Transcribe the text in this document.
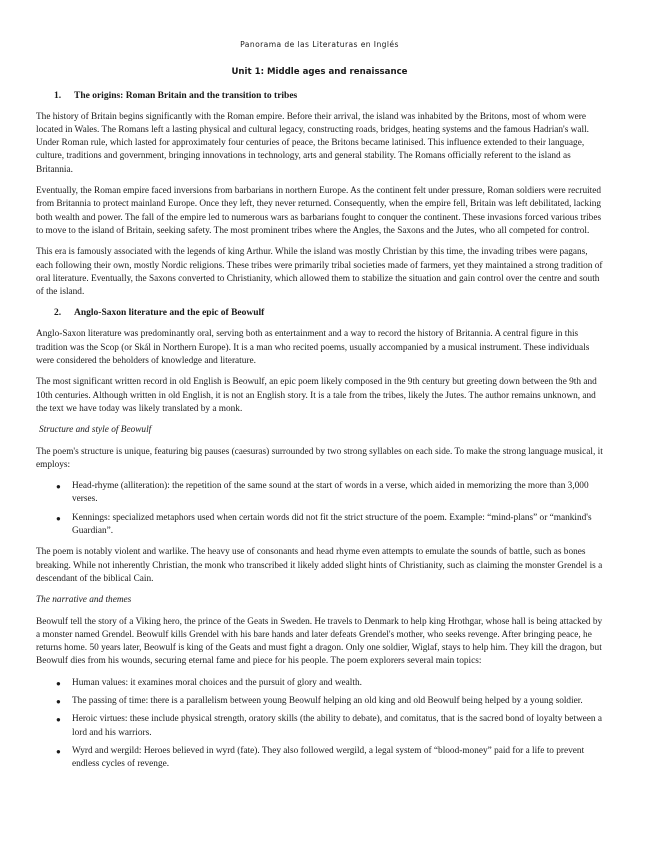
Panorama de las Literaturas en Inglés
Unit 1: Middle ages and renaissance
1. The origins: Roman Britain and the transition to tribes

The history of Britain begins significantly with the Roman empire. Before their arrival, the island was inhabited by the Britons, most of whom were located in Wales. The Romans left a lasting physical and cultural legacy, constructing roads, bridges, heating systems and the famous Hadrian's wall. Under Roman rule, which lasted for approximately four centuries of peace, the Britons became latinised. This influence extended to their language, culture, traditions and government, bringing innovations in technology, arts and general stability. The Romans officially referent to the island as Britannia.

Eventually, the Roman empire faced inversions from barbarians in northern Europe. As the continent felt under pressure, Roman soldiers were recruited from Britannia to protect mainland Europe. Once they left, they never returned. Consequently, when the empire fell, Britain was left debilitated, lacking both wealth and power. The fall of the empire led to numerous wars as barbarians fought to conquer the continent. These invasions forced various tribes to move to the island of Britain, seeking safety. The most prominent tribes where the Angles, the Saxons and the Jutes, who all competed for control.

This era is famously associated with the legends of king Arthur. While the island was mostly Christian by this time, the invading tribes were pagans, each following their own, mostly Nordic religions. These tribes were primarily tribal societies made of farmers, yet they maintained a strong tradition of oral literature. Eventually, the Saxons converted to Christianity, which allowed them to stabilize the situation and gain control over the centre and south of the island.

2. Anglo-Saxon literature and the epic of Beowulf

Anglo-Saxon literature was predominantly oral, serving both as entertainment and a way to record the history of Britannia. A central figure in this tradition was the Scop (or Skál in Northern Europe). It is a man who recited poems, usually accompanied by a musical instrument. These individuals were considered the beholders of knowledge and literature.

The most significant written record in old English is Beowulf, an epic poem likely composed in the 9th century but greeting down between the 9th and 10th centuries. Although written in old English, it is not an English story. It is a tale from the tribes, likely the Jutes. The author remains unknown, and the text we have today was likely translated by a monk.

Structure and style of Beowulf

The poem's structure is unique, featuring big pauses (caesuras) surrounded by two strong syllables on each side. To make the strong language musical, it employs:

● Head-rhyme (alliteration): the repetition of the same sound at the start of words in a verse, which aided in memorizing the more than 3,000 verses.
● Kennings: specialized metaphors used when certain words did not fit the strict structure of the poem. Example: “mind-plans” or “mankind's Guardian”.

The poem is notably violent and warlike. The heavy use of consonants and head rhyme even attempts to emulate the sounds of battle, such as bones breaking. While not inherently Christian, the monk who transcribed it likely added slight hints of Christianity, such as claiming the monster Grendel is a descendant of the biblical Cain.

The narrative and themes

Beowulf tell the story of a Viking hero, the prince of the Geats in Sweden. He travels to Denmark to help king Hrothgar, whose hall is being attacked by a monster named Grendel. Beowulf kills Grendel with his bare hands and later defeats Grendel's mother, who seeks revenge. After bringing peace, he returns home. 50 years later, Beowulf is king of the Geats and must fight a dragon. Only one soldier, Wiglaf, stays to help him. They kill the dragon, but Beowulf dies from his wounds, securing eternal fame and piece for his people. The poem explorers several main topics:

● Human values: it examines moral choices and the pursuit of glory and wealth.
● The passing of time: there is a parallelism between young Beowulf helping an old king and old Beowulf being helped by a young soldier.
● Heroic virtues: these include physical strength, oratory skills (the ability to debate), and comitatus, that is the sacred bond of loyalty between a lord and his warriors.
● Wyrd and wergild: Heroes believed in wyrd (fate). They also followed wergild, a legal system of “blood-money” paid for a life to prevent endless cycles of revenge.
